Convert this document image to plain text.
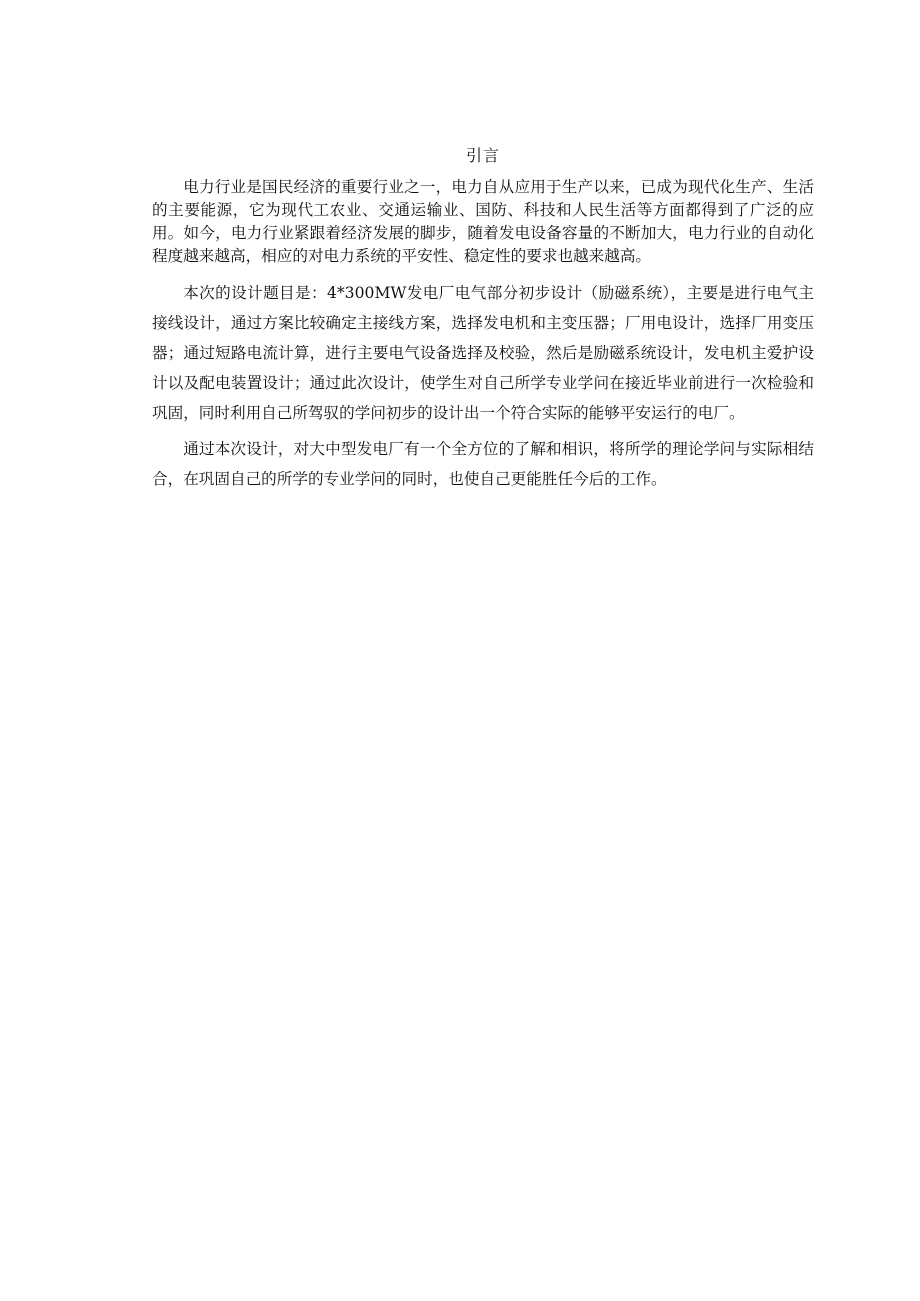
引言

电力行业是国民经济的重要行业之一，电力自从应用于生产以来，已成为现代化生产、生活的主要能源，它为现代工农业、交通运输业、国防、科技和人民生活等方面都得到了广泛的应用。如今，电力行业紧跟着经济发展的脚步，随着发电设备容量的不断加大，电力行业的自动化程度越来越高，相应的对电力系统的平安性、稳定性的要求也越来越高。

本次的设计题目是：4*300MW发电厂电气部分初步设计（励磁系统），主要是进行电气主接线设计，通过方案比较确定主接线方案，选择发电机和主变压器；厂用电设计，选择厂用变压器；通过短路电流计算，进行主要电气设备选择及校验，然后是励磁系统设计，发电机主爱护设计以及配电装置设计；通过此次设计，使学生对自己所学专业学问在接近毕业前进行一次检验和巩固，同时利用自己所驾驭的学问初步的设计出一个符合实际的能够平安运行的电厂。

通过本次设计，对大中型发电厂有一个全方位的了解和相识，将所学的理论学问与实际相结合，在巩固自己的所学的专业学问的同时，也使自己更能胜任今后的工作。
